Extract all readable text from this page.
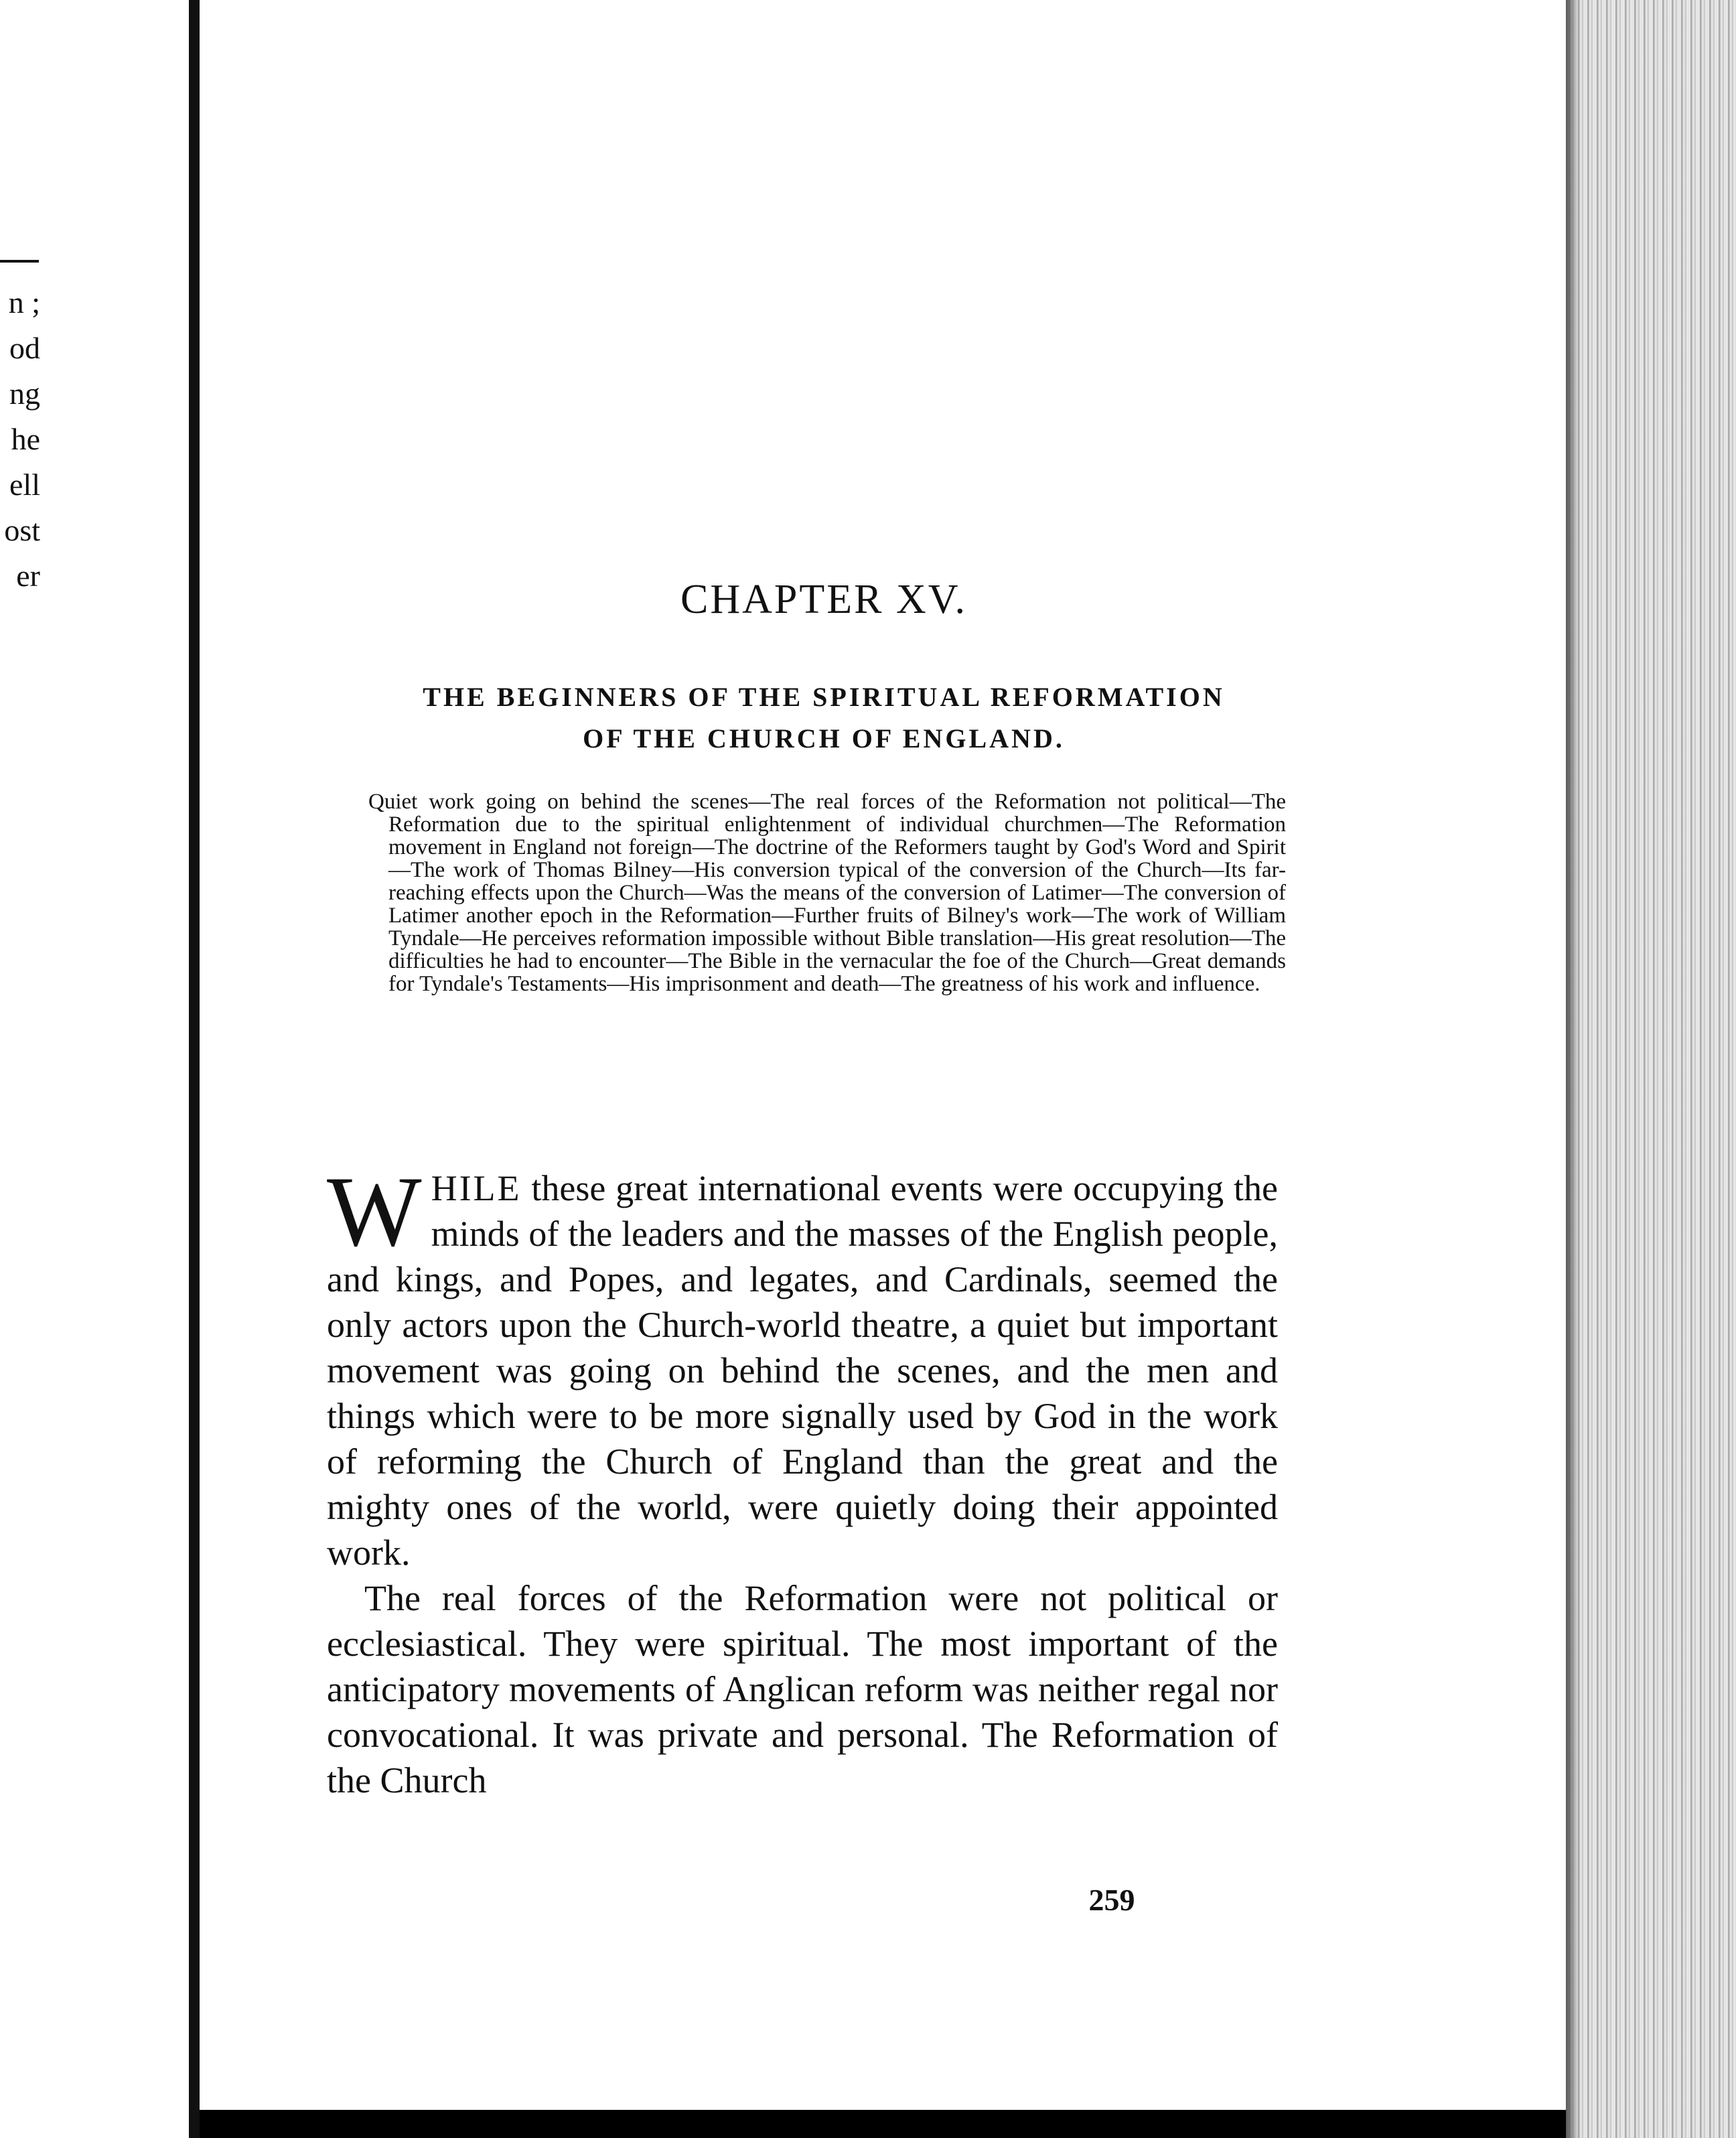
n ;
od
ng
he
ell
ost
er
CHAPTER XV.
THE BEGINNERS OF THE SPIRITUAL REFORMATION
OF THE CHURCH OF ENGLAND.
Quiet work going on behind the scenes—The real forces of the Reformation not political—The Reformation due to the spiritual enlightenment of individual churchmen—The Reformation movement in England not foreign—The doctrine of the Reformers taught by God's Word and Spirit—The work of Thomas Bilney—His conversion typical of the conversion of the Church—Its far-reaching effects upon the Church—Was the means of the conversion of Latimer—The conversion of Latimer another epoch in the Reformation—Further fruits of Bilney's work—The work of William Tyndale—He perceives reformation impossible without Bible translation—His great resolution—The difficulties he had to encounter—The Bible in the vernacular the foe of the Church—Great demands for Tyndale's Testaments—His imprisonment and death—The greatness of his work and influence.

WHILE these great international events were occupying the minds of the leaders and the masses of the English people, and kings, and Popes, and legates, and Cardinals, seemed the only actors upon the Church-world theatre, a quiet but important movement was going on behind the scenes, and the men and things which were to be more signally used by God in the work of reforming the Church of England than the great and the mighty ones of the world, were quietly doing their appointed work.

The real forces of the Reformation were not political or ecclesiastical. They were spiritual. The most important of the anticipatory movements of Anglican reform was neither regal nor convocational. It was private and personal. The Reformation of the Church

259
